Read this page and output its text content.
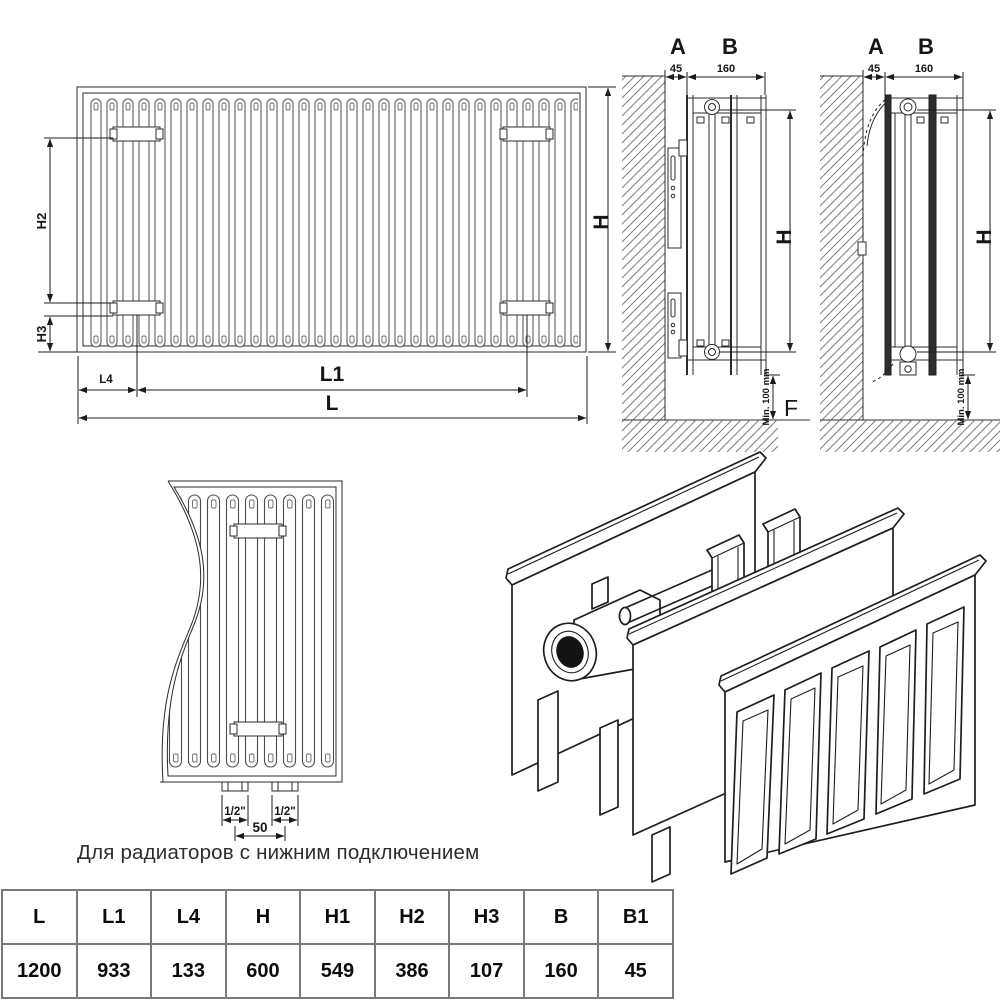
H2
H3
H
L4	L1
L
A B
45	160
H
Min. 100 mm F
A B
45	160
H
Min. 100 mm
1/2" 1/2"
50
Для радиаторов с нижним подключением
L	L1	L4	H	H1	H2	H3	B	B1
1200	933	133	600	549	386	107	160	45
